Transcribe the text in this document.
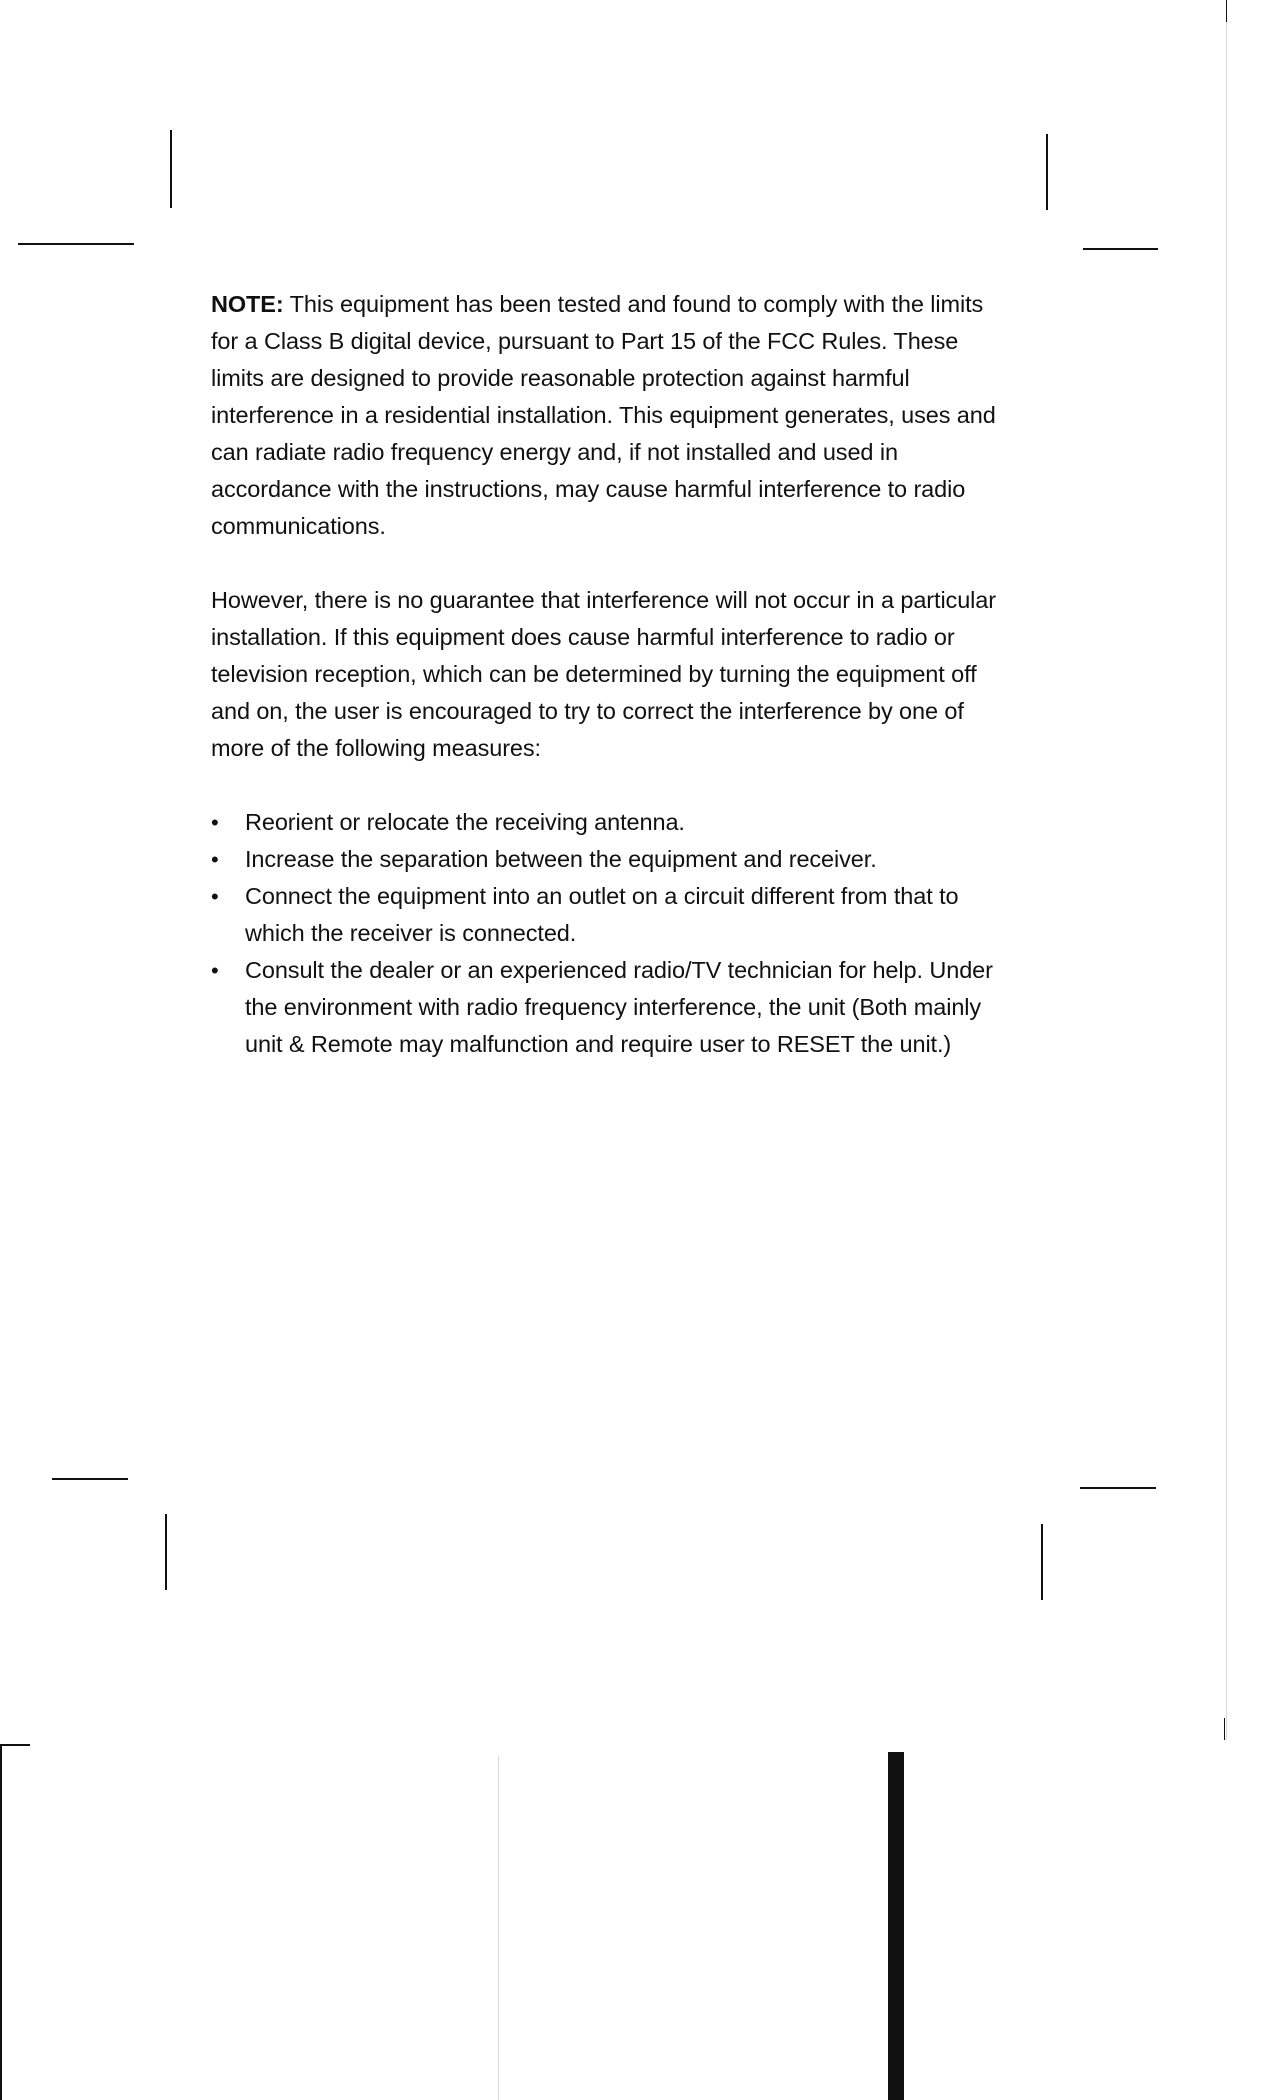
NOTE: This equipment has been tested and found to comply with the limits for a Class B digital device, pursuant to Part 15 of the FCC Rules. These limits are designed to provide reasonable protection against harmful interference in a residential installation. This equipment generates, uses and can radiate radio frequency energy and, if not installed and used in accordance with the instructions, may cause harmful interference to radio communications.

However, there is no guarantee that interference will not occur in a particular installation. If this equipment does cause harmful interference to radio or television reception, which can be determined by turning the equipment off and on, the user is encouraged to try to correct the interference by one of more of the following measures:

• Reorient or relocate the receiving antenna.
• Increase the separation between the equipment and receiver.
• Connect the equipment into an outlet on a circuit different from that to which the receiver is connected.
• Consult the dealer or an experienced radio/TV technician for help. Under the environment with radio frequency interference, the unit (Both mainly unit & Remote may malfunction and require user to RESET the unit.)
